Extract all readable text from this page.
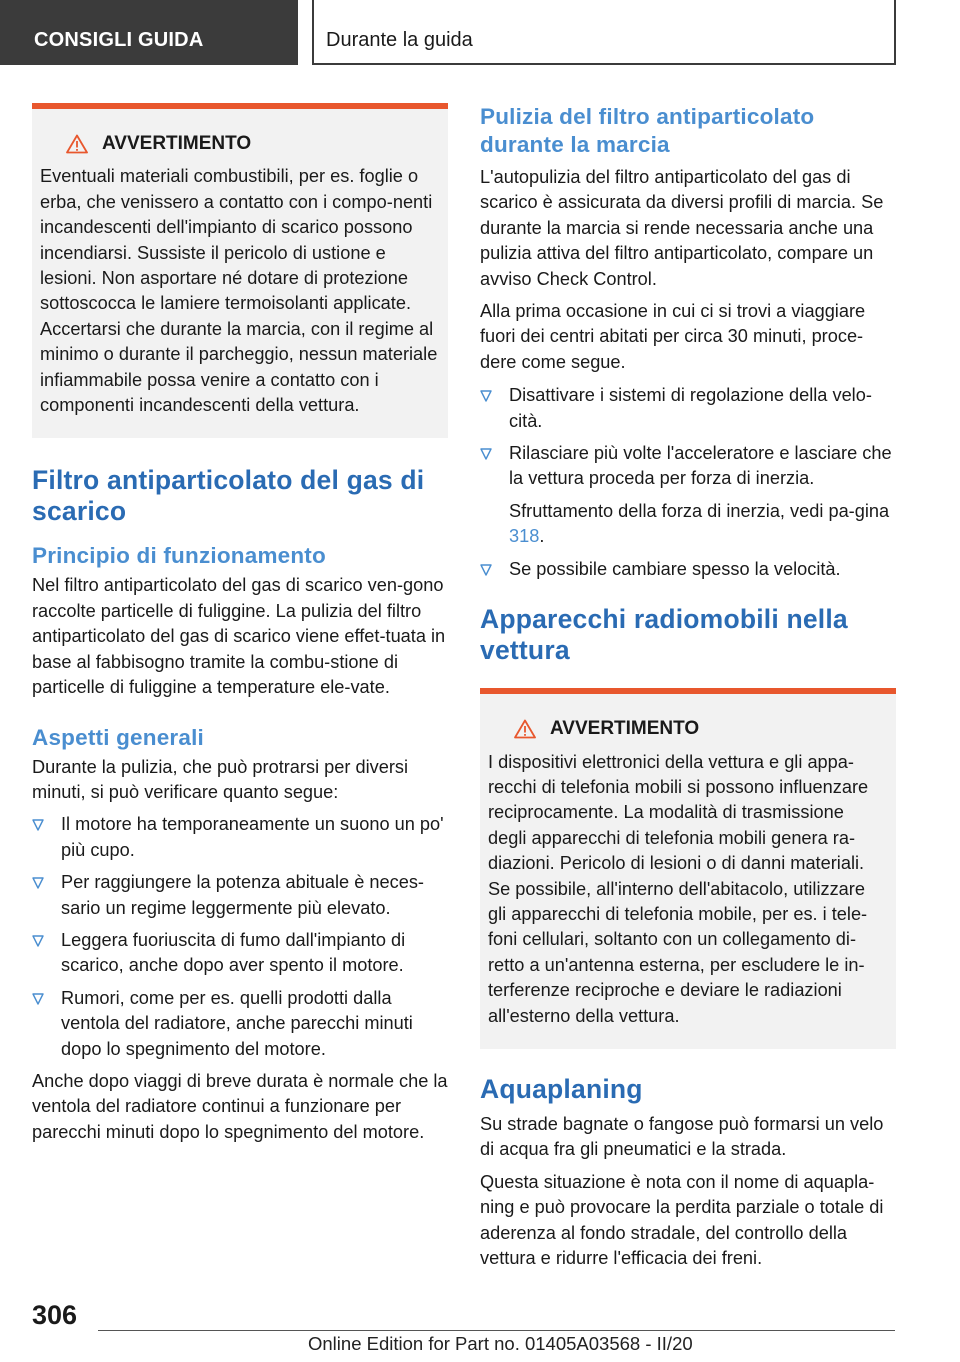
CONSIGLI GUIDA	Durante la guida
AVVERTIMENTO

Eventuali materiali combustibili, per es. foglie o erba, che venissero a contatto con i compo‐nenti incandescenti dell'impianto di scarico possono incendiarsi. Sussiste il pericolo di ustione e lesioni. Non asportare né dotare di protezione sottoscocca le lamiere termoisolanti applicate. Accertarsi che durante la marcia, con il regime al minimo o durante il parcheggio, nessun materiale infiammabile possa venire a contatto con i componenti incandescenti della vettura.

Filtro antiparticolato del gas di scarico
Principio di funzionamento

Nel filtro antiparticolato del gas di scarico ven‐gono raccolte particelle di fuliggine. La pulizia del filtro antiparticolato del gas di scarico viene effet‐tuata in base al fabbisogno tramite la combu‐stione di particelle di fuliggine a temperature ele‐vate.

Aspetti generali

Durante la pulizia, che può protrarsi per diversi minuti, si può verificare quanto segue:

Il motore ha temporaneamente un suono un po' più cupo.
Per raggiungere la potenza abituale è neces‐sario un regime leggermente più elevato.
Leggera fuoriuscita di fumo dall'impianto di scarico, anche dopo aver spento il motore.
Rumori, come per es. quelli prodotti dalla ventola del radiatore, anche parecchi minuti dopo lo spegnimento del motore.

Anche dopo viaggi di breve durata è normale che la ventola del radiatore continui a funzionare per parecchi minuti dopo lo spegnimento del motore.

Pulizia del filtro antiparticolato durante la marcia

L'autopulizia del filtro antiparticolato del gas di scarico è assicurata da diversi profili di marcia. Se durante la marcia si rende necessaria anche una pulizia attiva del filtro antiparticolato, compare un avviso Check Control.

Alla prima occasione in cui ci si trovi a viaggiare fuori dei centri abitati per circa 30 minuti, proce‐dere come segue.

Disattivare i sistemi di regolazione della velo‐cità.
Rilasciare più volte l'acceleratore e lasciare che la vettura proceda per forza di inerzia.
Sfruttamento della forza di inerzia, vedi pa‐gina 318.
Se possibile cambiare spesso la velocità.
Apparecchi radiomobili nella vettura
AVVERTIMENTO

I dispositivi elettronici della vettura e gli appa‐recchi di telefonia mobili si possono influenzare reciprocamente. La modalità di trasmissione degli apparecchi di telefonia mobili genera ra‐diazioni. Pericolo di lesioni o di danni materiali. Se possibile, all'interno dell'abitacolo, utilizzare gli apparecchi di telefonia mobile, per es. i tele‐foni cellulari, soltanto con un collegamento di‐retto a un'antenna esterna, per escludere le in‐terferenze reciproche e deviare le radiazioni all'esterno della vettura.

Aquaplaning

Su strade bagnate o fangose può formarsi un velo di acqua fra gli pneumatici e la strada.

Questa situazione è nota con il nome di aquapla‐ning e può provocare la perdita parziale o totale di aderenza al fondo stradale, del controllo della vettura e ridurre l'efficacia dei freni.

306
Online Edition for Part no. 01405A03568 - II/20
